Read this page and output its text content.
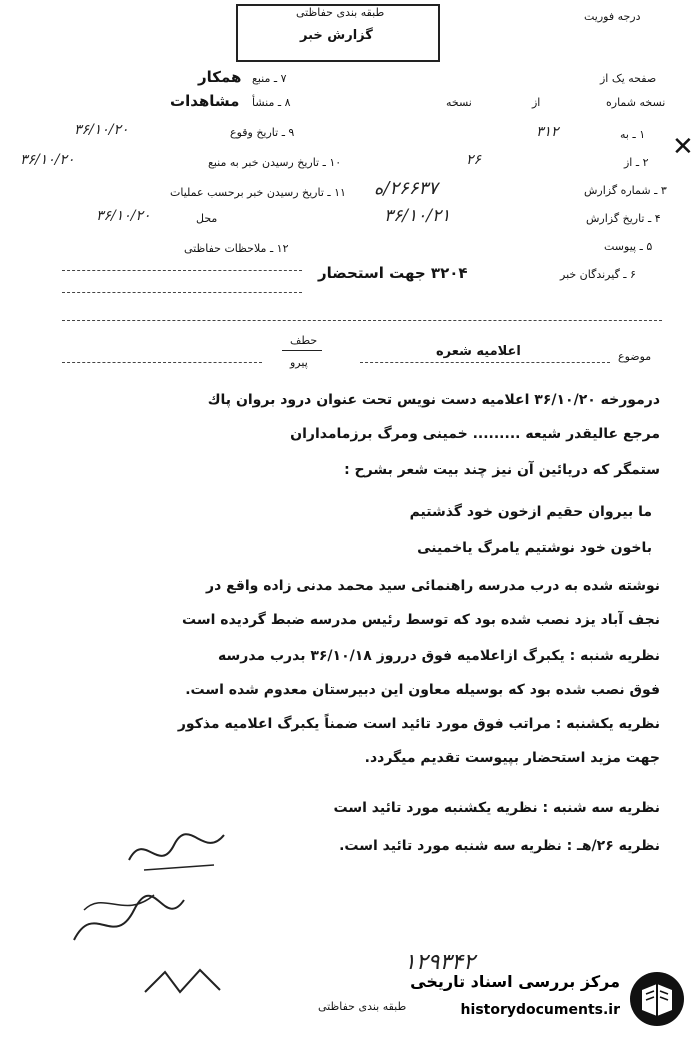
طبقه بندی حفاظتی
گزارش خبر
درجه فوریت
صفحه یک از
نسخه شماره
از
نسخه
۷ ـ منبع
همکار
۸ ـ منشأ
مشاهدات
۹ ـ تاریخ وقوع
۳۶/۱۰/۲۰
۱۰ ـ تاریخ رسیدن خبر به منبع
۳۶/۱۰/۲۰
۱۱ ـ تاریخ رسیدن خبر برحسب عملیات
محل
۳۶/۱۰/۲۰
۱۲ ـ ملاحظات حفاظتی
۱ ـ به
۳۱۲
۲ ـ از
۲۶
۳ ـ شماره گزارش
۲۶۶۳۷/ه
۴ ـ تاریخ گزارش
۳۶/۱۰/۲۱
۵ ـ پیوست
۶ ـ گیرندگان خبر
۳۲۰۴ جهت استحضار
موضوع
اعلامیه شعره
حطف
پیرو
درمورخه ۳۶/۱۰/۲۰ اعلامیه دست نویس تحت عنوان درود بروان پاك
مرجع عالیقدر شیعه ......... خمینی ومرگ برزمامداران
ستمگر که دریائین آن نیز چند بیت شعر بشرح :
ما بیروان حقیم ازخون خود گذشتیم
باخون خود نوشتیم یامرگ یاخمینی
نوشته شده به درب مدرسه راهنمائی سید محمد مدنی زاده واقع در
نجف آباد یزد نصب شده بود که توسط رئیس مدرسه ضبط گردیده است
نظریه شنبه : یکبرگ ازاعلامیه فوق درروز ۳۶/۱۰/۱۸ بدرب مدرسه
فوق نصب شده بود که بوسیله معاون این دبیرستان معدوم شده است.
نظریه یکشنبه : مراتب فوق مورد تائید است ضمناً یکبرگ اعلامیه مذکور
جهت مزید استحضار بپیوست تقدیم میگردد.
نظریه سه شنبه : نظریه یکشنبه مورد تائید است
نظریه ۲۶/هـ : نظریه سه شنبه مورد تائید است.
۱۲۹۳۴۲
طبقه بندی حفاظتی
✕
مرکز بررسی اسناد تاریخی
historydocuments.ir
